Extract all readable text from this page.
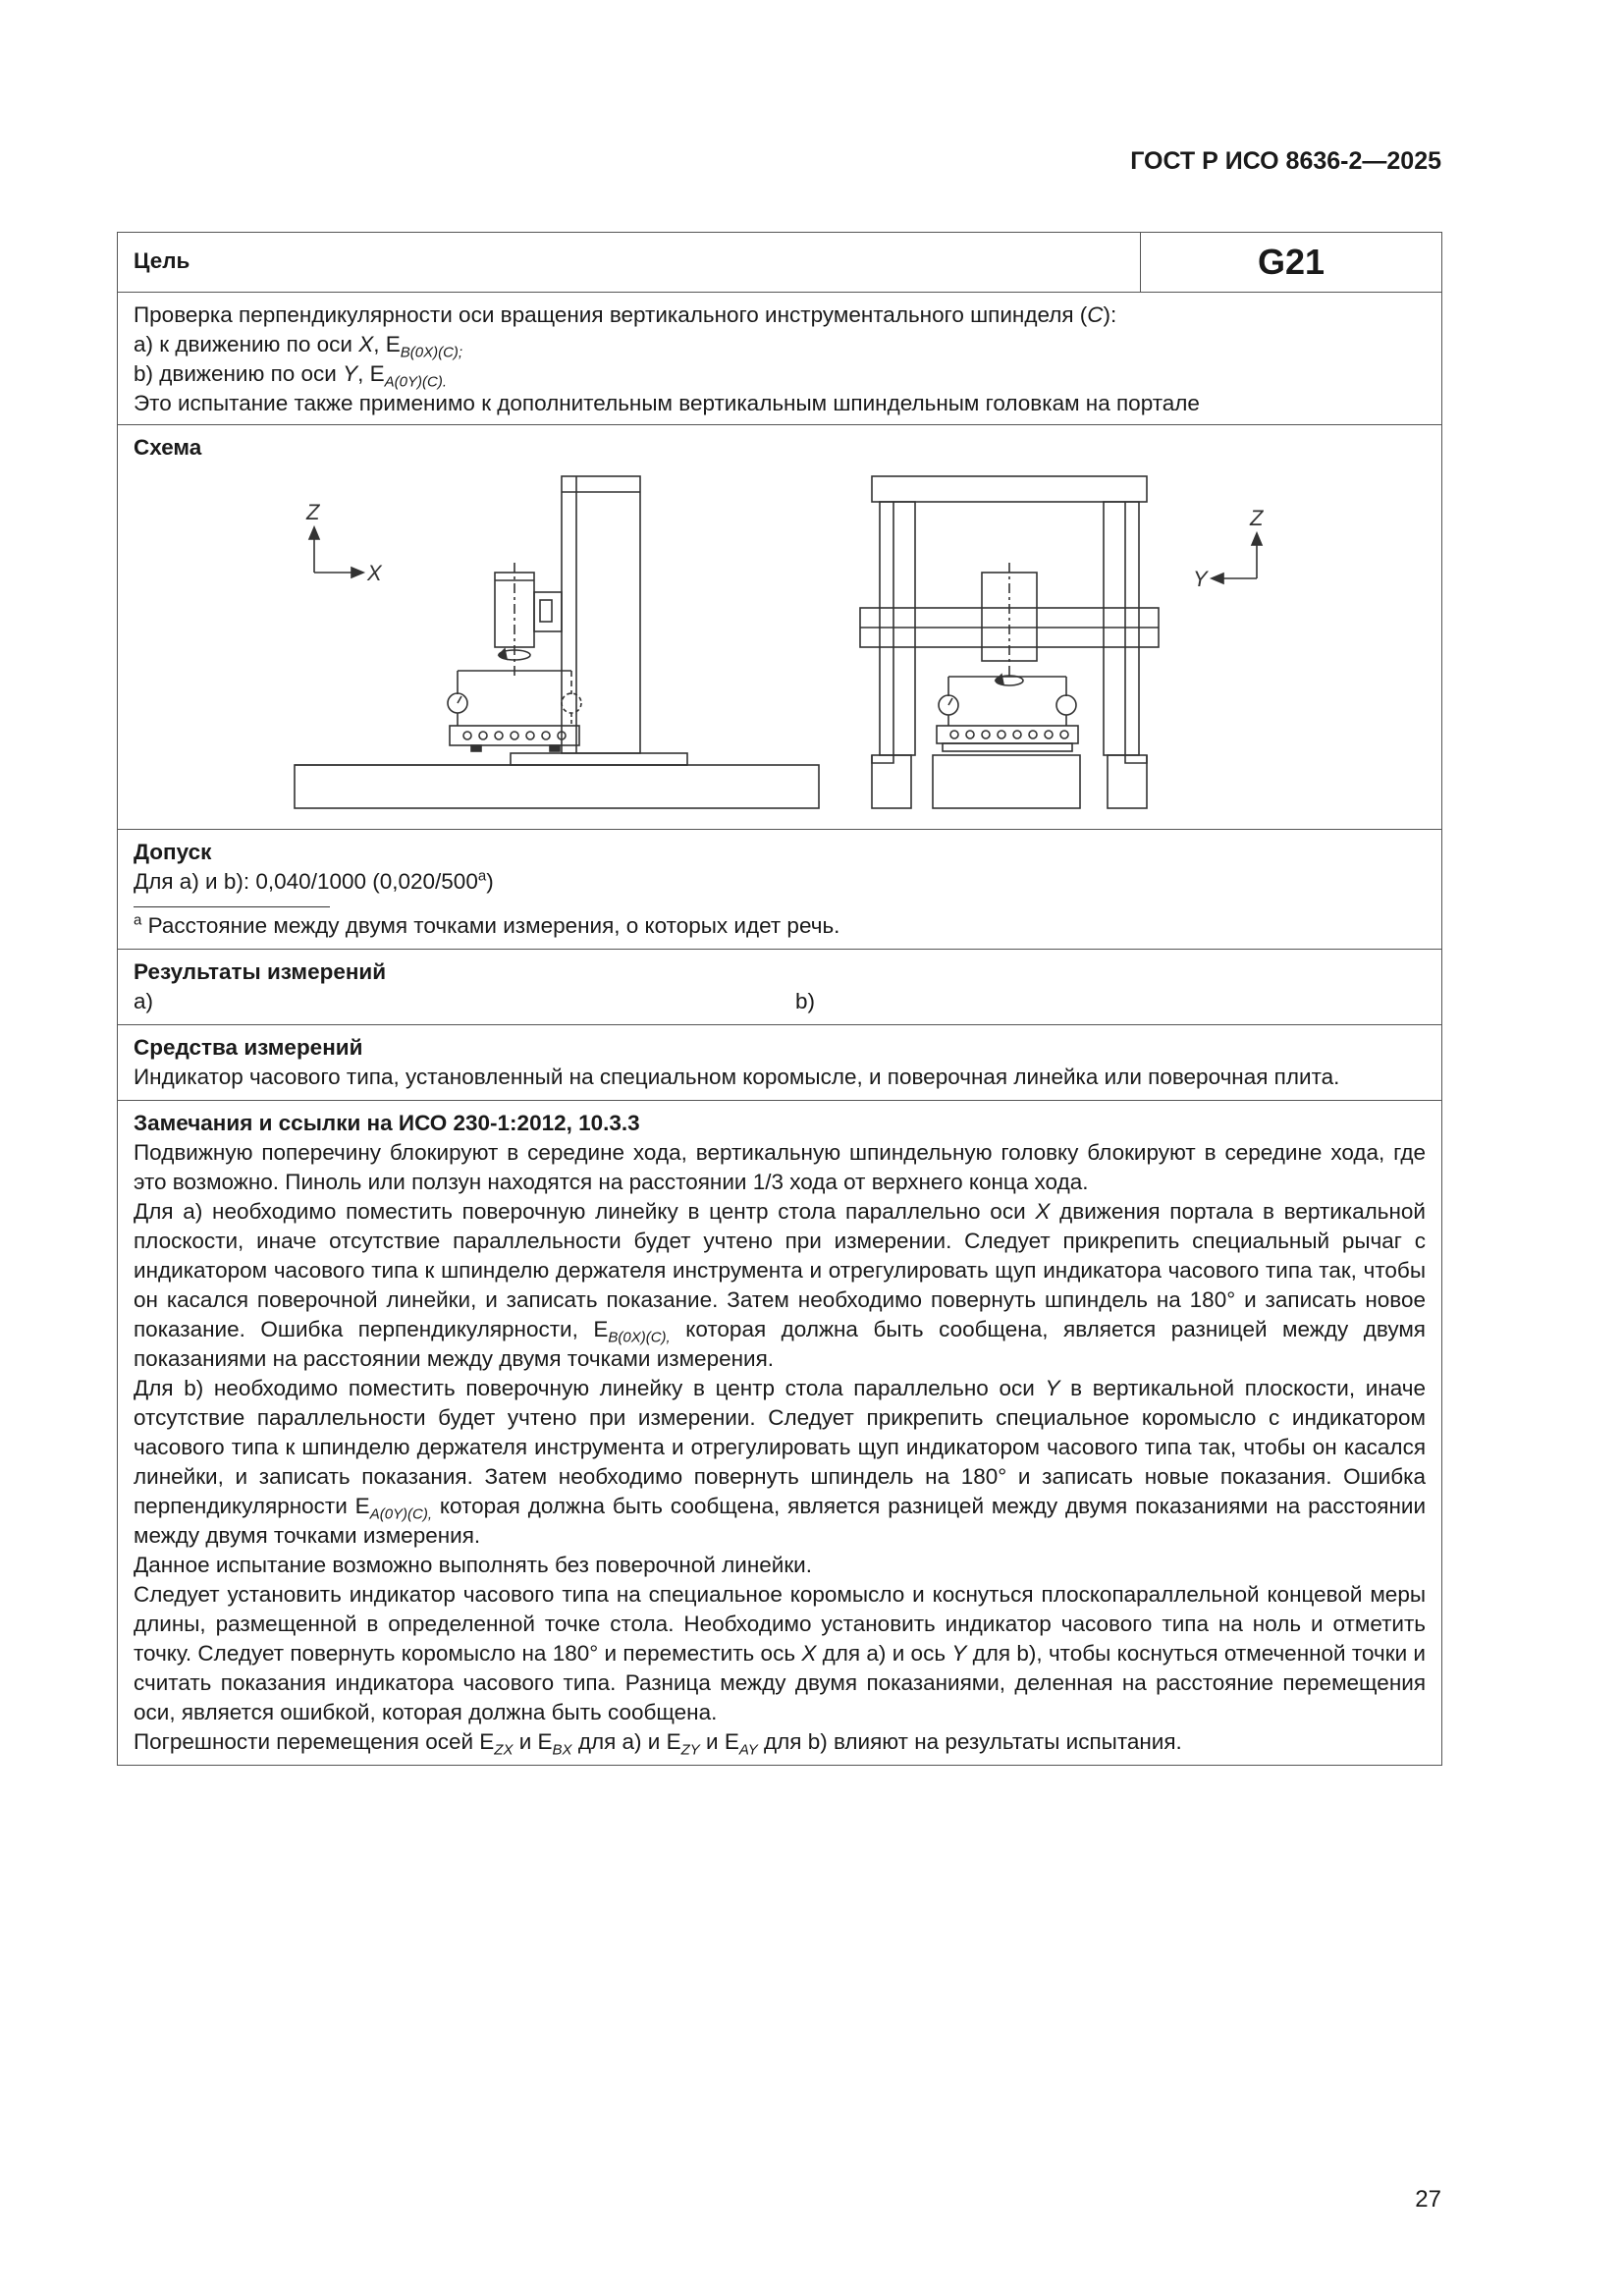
ГОСТ Р ИСО 8636-2—2025
Цель	G21
Проверка перпендикулярности оси вращения вертикального инструментального шпинделя (C):
a) к движению по оси X, $E_{B(0X)(C);}$
b) движению по оси Y, $E_{A(0Y)(C).}$
Это испытание также применимо к дополнительным вертикальным шпиндельным головкам на портале
Схема
Z
X
Z
Y
Допуск
Для a) и b): 0,040/1000 (0,020/500$^a$)
$^a$ Расстояние между двумя точками измерения, о которых идет речь.
Результаты измерений
a)	b)
Средства измерений
Индикатор часового типа, установленный на специальном коромысле, и поверочная линейка или поверочная плита.
Замечания и ссылки на ИСО 230-1:2012, 10.3.3

Подвижную поперечину блокируют в середине хода, вертикальную шпиндельную головку блокируют в середине хода, где это возможно. Пиноль или ползун находятся на расстоянии 1/3 хода от верхнего конца хода.

Для a) необходимо поместить поверочную линейку в центр стола параллельно оси X движения портала в вертикальной плоскости, иначе отсутствие параллельности будет учтено при измерении. Следует прикрепить специальный рычаг с индикатором часового типа к шпинделю держателя инструмента и отрегулировать щуп индикатора часового типа так, чтобы он касался поверочной линейки, и записать показание. Затем необходимо повернуть шпиндель на 180° и записать новое показание. Ошибка перпендикулярности, $E_{B(0X)(C),}$ которая должна быть сообщена, является разницей между двумя показаниями на расстоянии между двумя точками измерения.

Для b) необходимо поместить поверочную линейку в центр стола параллельно оси Y в вертикальной плоскости, иначе отсутствие параллельности будет учтено при измерении. Следует прикрепить специальное коромысло с индикатором часового типа к шпинделю держателя инструмента и отрегулировать щуп индикатором часового типа так, чтобы он касался линейки, и записать показания. Затем необходимо повернуть шпиндель на 180° и записать новые показания. Ошибка перпендикулярности $E_{A(0Y)(C),}$ которая должна быть сообщена, является разницей между двумя показаниями на расстоянии между двумя точками измерения.

Данное испытание возможно выполнять без поверочной линейки.

Следует установить индикатор часового типа на специальное коромысло и коснуться плоскопараллельной концевой меры длины, размещенной в определенной точке стола. Необходимо установить индикатор часового типа на ноль и отметить точку. Следует повернуть коромысло на 180° и переместить ось X для a) и ось Y для b), чтобы коснуться отмеченной точки и считать показания индикатора часового типа. Разница между двумя показаниями, деленная на расстояние перемещения оси, является ошибкой, которая должна быть сообщена.

Погрешности перемещения осей $E_{ZX}$ и $E_{BX}$ для a) и $E_{ZY}$ и $E_{AY}$ для b) влияют на результаты испытания.

27
